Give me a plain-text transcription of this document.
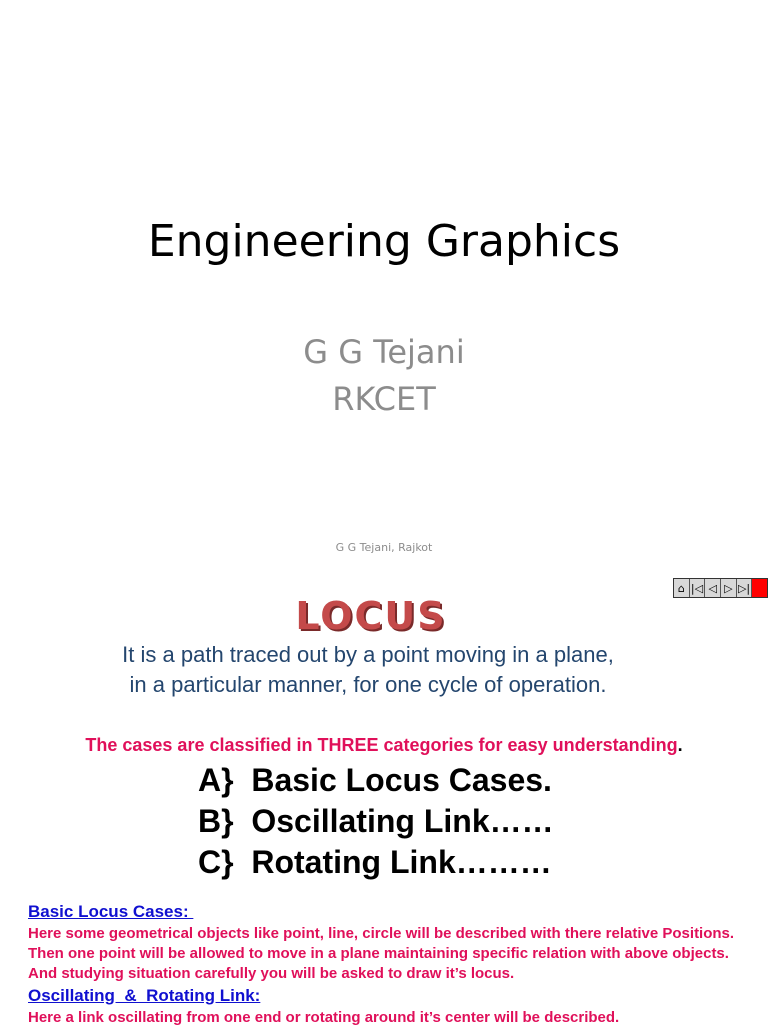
Engineering Graphics
G G Tejani
RKCET
G G Tejani, Rajkot
⌂ |◁ ◁ ▷ ▷|
LOCUS
It is a path traced out by a point moving in a plane,
in a particular manner, for one cycle of operation.
The cases are classified in THREE categories for easy understanding.
A}  Basic Locus Cases.
B}  Oscillating Link……
C}  Rotating Link………
Basic Locus Cases:
Here some geometrical objects like point, line, circle will be described with there relative Positions. Then one point will be allowed to move in a plane maintaining specific relation with above objects. And studying situation carefully you will be asked to draw it’s locus.
Oscillating  &  Rotating Link:
Here a link oscillating from one end or rotating around it’s center will be described.
